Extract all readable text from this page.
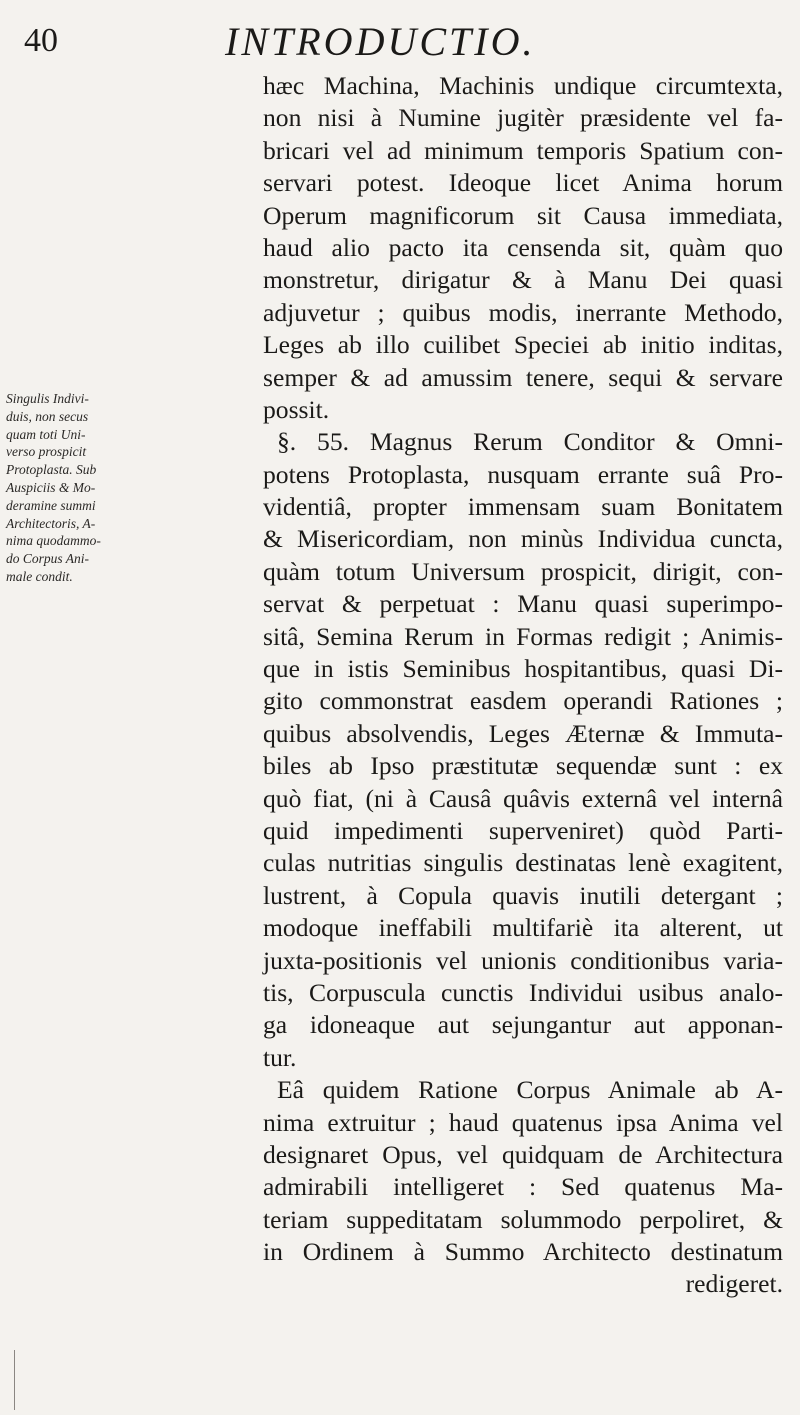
40	INTRODUCTIO.
Singulis Indivi-
duis, non secus
quam toti Uni-
verso prospicit
Protoplasta. Sub
Auspiciis & Mo-
deramine summi
Architectoris, A-
nima quodammo-
do Corpus Ani-
male condit.
hæc Machina, Machinis undique circumtexta,
non nisi à Numine jugitèr præsidente vel fa-
bricari vel ad minimum temporis Spatium con-
servari potest. Ideoque licet Anima horum
Operum magnificorum sit Causa immediata,
haud alio pacto ita censenda sit, quàm quo
monstretur, dirigatur & à Manu Dei quasi
adjuvetur ; quibus modis, inerrante Methodo,
Leges ab illo cuilibet Speciei ab initio inditas,
semper & ad amussim tenere, sequi & servare
possit.
§. 55. Magnus Rerum Conditor & Omni-
potens Protoplasta, nusquam errante suâ Pro-
videntiâ, propter immensam suam Bonitatem
& Misericordiam, non minùs Individua cuncta,
quàm totum Universum prospicit, dirigit, con-
servat & perpetuat : Manu quasi superimpo-
sitâ, Semina Rerum in Formas redigit ; Animis-
que in istis Seminibus hospitantibus, quasi Di-
gito commonstrat easdem operandi Rationes ;
quibus absolvendis, Leges Æternæ & Immuta-
biles ab Ipso præstitutæ sequendæ sunt : ex
quò fiat, (ni à Causâ quâvis externâ vel internâ
quid impedimenti superveniret) quòd Parti-
culas nutritias singulis destinatas lenè exagitent,
lustrent, à Copula quavis inutili detergant ;
modoque ineffabili multifariè ita alterent, ut
juxta-positionis vel unionis conditionibus varia-
tis, Corpuscula cunctis Individui usibus analo-
ga idoneaque aut sejungantur aut apponan-
tur.
Eâ quidem Ratione Corpus Animale ab A-
nima extruitur ; haud quatenus ipsa Anima vel
designaret Opus, vel quidquam de Architectura
admirabili intelligeret : Sed quatenus Ma-
teriam suppeditatam solummodo perpoliret, &
in Ordinem à Summo Architecto destinatum
redigeret.
